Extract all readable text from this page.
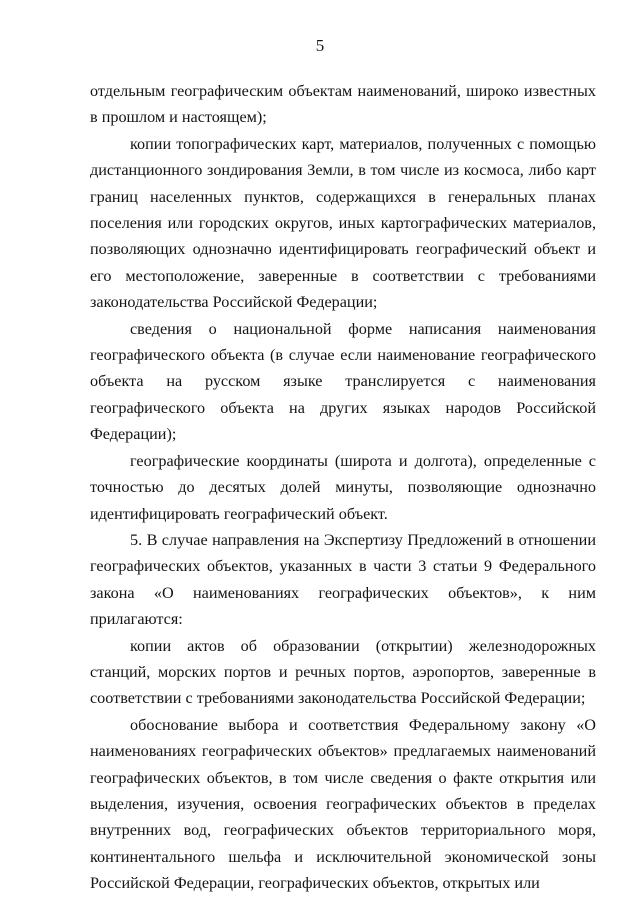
5

отдельным географическим объектам наименований, широко известных в прошлом и настоящем);

копии топографических карт, материалов, полученных с помощью дистанционного зондирования Земли, в том числе из космоса, либо карт границ населенных пунктов, содержащихся в генеральных планах поселения или городских округов, иных картографических материалов, позволяющих однозначно идентифицировать географический объект и его местоположение, заверенные в соответствии с требованиями законодательства Российской Федерации;

сведения о национальной форме написания наименования географического объекта (в случае если наименование географического объекта на русском языке транслируется с наименования географического объекта на других языках народов Российской Федерации);

географические координаты (широта и долгота), определенные с точностью до десятых долей минуты, позволяющие однозначно идентифицировать географический объект.

5. В случае направления на Экспертизу Предложений в отношении географических объектов, указанных в части 3 статьи 9 Федерального закона «О наименованиях географических объектов», к ним прилагаются:

копии актов об образовании (открытии) железнодорожных станций, морских портов и речных портов, аэропортов, заверенные в соответствии с требованиями законодательства Российской Федерации;

обоснование выбора и соответствия Федеральному закону «О наименованиях географических объектов» предлагаемых наименований географических объектов, в том числе сведения о факте открытия или выделения, изучения, освоения географических объектов в пределах внутренних вод, географических объектов территориального моря, континентального шельфа и исключительной экономической зоны Российской Федерации, географических объектов, открытых или
